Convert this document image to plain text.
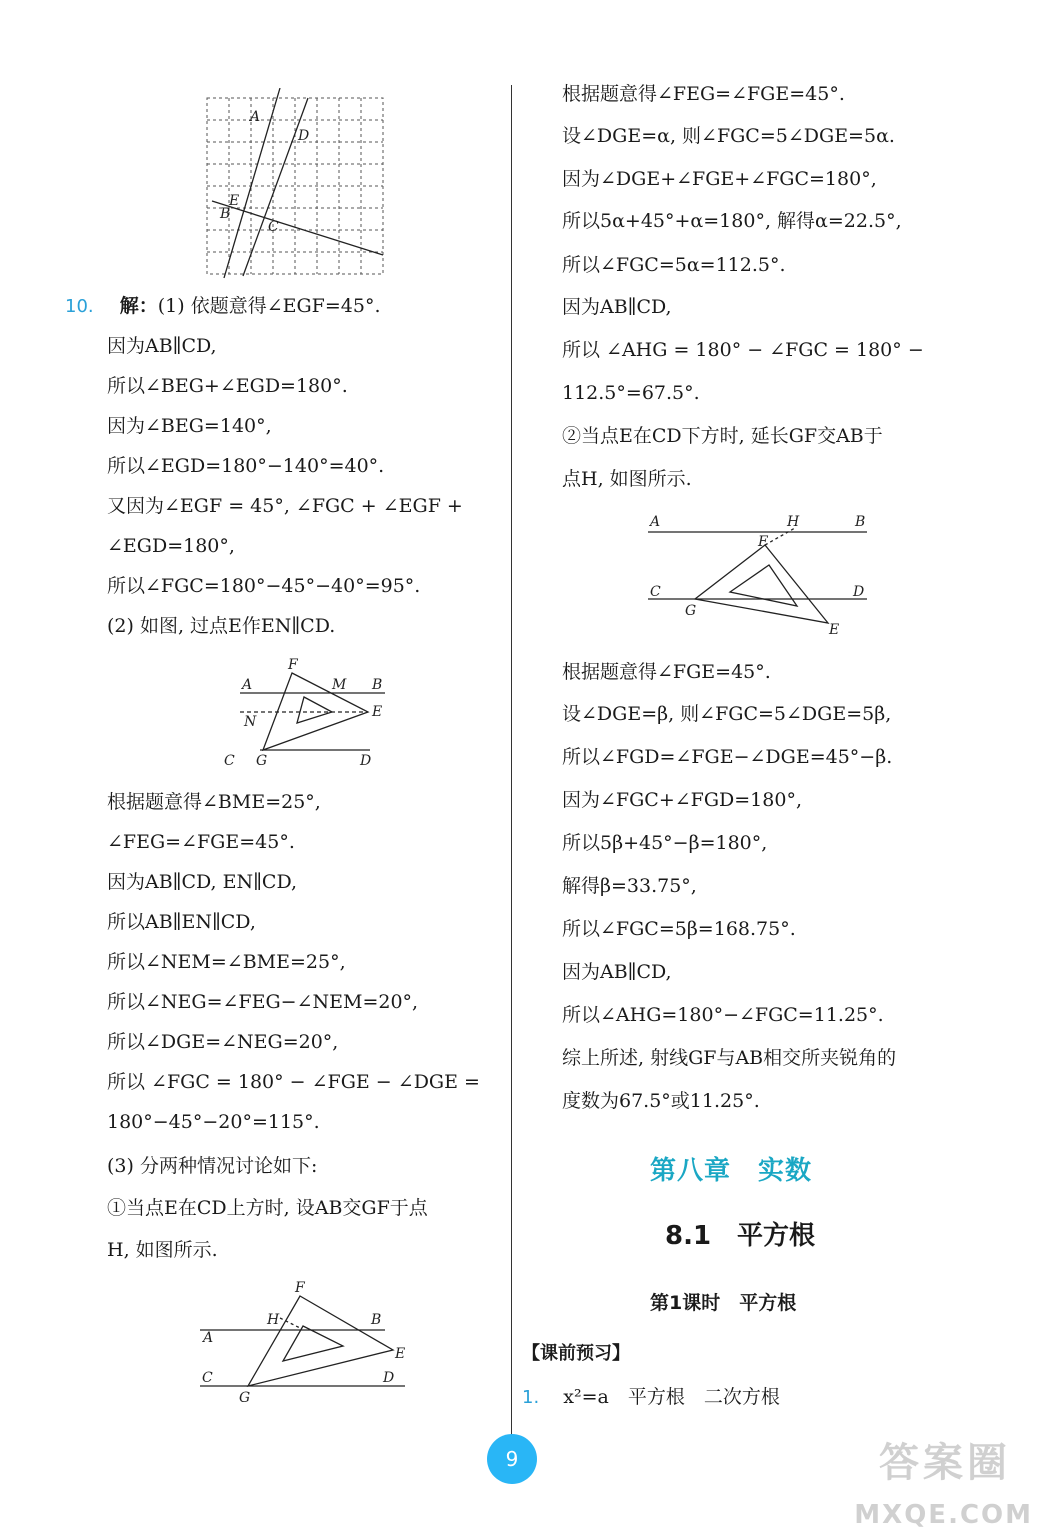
A
D
E
B
C
10. 解：(1) 依题意得∠EGF=45°.
因为AB∥CD,
所以∠BEG+∠EGD=180°.
因为∠BEG=140°,
所以∠EGD=180°−140°=40°.
又因为∠EGF = 45°, ∠FGC + ∠EGF +
∠EGD=180°,
所以∠FGC=180°−45°−40°=95°.
(2) 如图, 过点E作EN∥CD.
F
A	M B
N
E
C G	D
根据题意得∠BME=25°,
∠FEG=∠FGE=45°.
因为AB∥CD, EN∥CD,
所以AB∥EN∥CD,
所以∠NEM=∠BME=25°,
所以∠NEG=∠FEG−∠NEM=20°,
所以∠DGE=∠NEG=20°,
所以 ∠FGC = 180° − ∠FGE − ∠DGE =
180°−45°−20°=115°.
(3) 分两种情况讨论如下:
①当点E在CD上方时, 设AB交GF于点
H, 如图所示.
F
H	B
A
E
C	D
G
根据题意得∠FEG=∠FGE=45°.
设∠DGE=α, 则∠FGC=5∠DGE=5α.
因为∠DGE+∠FGE+∠FGC=180°,
所以5α+45°+α=180°, 解得α=22.5°,
所以∠FGC=5α=112.5°.
因为AB∥CD,
所以 ∠AHG = 180° − ∠FGC = 180° −
112.5°=67.5°.
②当点E在CD下方时, 延长GF交AB于
点H, 如图所示.
A	H	B
F
C	D
G
E
根据题意得∠FGE=45°.
设∠DGE=β, 则∠FGC=5∠DGE=5β,
所以∠FGD=∠FGE−∠DGE=45°−β.
因为∠FGC+∠FGD=180°,
所以5β+45°−β=180°,
解得β=33.75°,
所以∠FGC=5β=168.75°.
因为AB∥CD,
所以∠AHG=180°−∠FGC=11.25°.
综上所述, 射线GF与AB相交所夹锐角的
度数为67.5°或11.25°.
第八章　实数
8.1　平方根
第1课时　平方根
【课前预习】
1. x²=a　平方根　二次方根
9	答案圈
MXQE.COM
